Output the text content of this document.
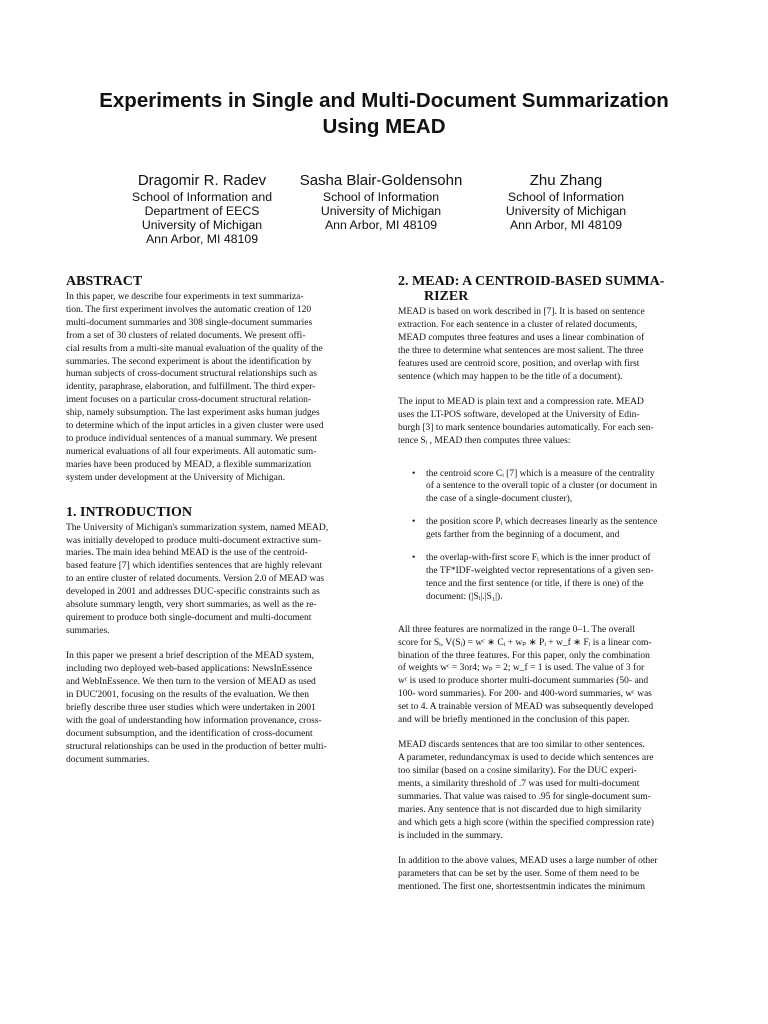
Experiments in Single and Multi-Document Summarization
Using MEAD
Dragomir R. Radev
School of Information and
Department of EECS
University of Michigan
Ann Arbor, MI 48109
Sasha Blair-Goldensohn
School of Information
University of Michigan
Ann Arbor, MI 48109
Zhu Zhang
School of Information
University of Michigan
Ann Arbor, MI 48109
ABSTRACT

In this paper, we describe four experiments in text summariza-
tion. The first experiment involves the automatic creation of 120
multi-document summaries and 308 single-document summaries
from a set of 30 clusters of related documents. We present offi-
cial results from a multi-site manual evaluation of the quality of the
summaries. The second experiment is about the identification by
human subjects of cross-document structural relationships such as
identity, paraphrase, elaboration, and fulfillment. The third exper-
iment focuses on a particular cross-document structural relation-
ship, namely subsumption. The last experiment asks human judges
to determine which of the input articles in a given cluster were used
to produce individual sentences of a manual summary. We present
numerical evaluations of all four experiments. All automatic sum-
maries have been produced by MEAD, a flexible summarization
system under development at the University of Michigan.

1. INTRODUCTION

The University of Michigan's summarization system, named MEAD,
was initially developed to produce multi-document extractive sum-
maries. The main idea behind MEAD is the use of the centroid-
based feature [7] which identifies sentences that are highly relevant
to an entire cluster of related documents. Version 2.0 of MEAD was
developed in 2001 and addresses DUC-specific constraints such as
absolute summary length, very short summaries, as well as the re-
quirement to produce both single-document and multi-document
summaries.

In this paper we present a brief description of the MEAD system,
including two deployed web-based applications: NewsInEssence
and WebInEssence. We then turn to the version of MEAD as used
in DUC'2001, focusing on the results of the evaluation. We then
briefly describe three user studies which were undertaken in 2001
with the goal of understanding how information provenance, cross-
document subsumption, and the identification of cross-document
structural relationships can be used in the production of better multi-
document summaries.

2. MEAD: A CENTROID-BASED SUMMA-
RIZER

MEAD is based on work described in [7]. It is based on sentence
extraction. For each sentence in a cluster of related documents,
MEAD computes three features and uses a linear combination of
the three to determine what sentences are most salient. The three
features used are centroid score, position, and overlap with first
sentence (which may happen to be the title of a document).

The input to MEAD is plain text and a compression rate. MEAD
uses the LT-POS software, developed at the University of Edin-
burgh [3] to mark sentence boundaries automatically. For each sen-
tence Sᵢ , MEAD then computes three values:

• the centroid score Cᵢ [7] which is a measure of the centrality
of a sentence to the overall topic of a cluster (or document in
the case of a single-document cluster),
• the position score Pᵢ which decreases linearly as the sentence
gets farther from the beginning of a document, and
• the overlap-with-first score Fᵢ which is the inner product of
the TF*IDF-weighted vector representations of a given sen-
tence and the first sentence (or title, if there is one) of the
document: (|Sᵢ|.|S₁|).

All three features are normalized in the range 0–1. The overall
score for Sᵢ, V(Sᵢ) = wᶜ ∗ Cᵢ + wₚ ∗ Pᵢ + w_f ∗ Fᵢ is a linear com-
bination of the three features. For this paper, only the combination
of weights wᶜ = 3or4; wₚ = 2; w_f = 1 is used. The value of 3 for
wᶜ is used to produce shorter multi-document summaries (50- and
100- word summaries). For 200- and 400-word summaries, wᶜ was
set to 4. A trainable version of MEAD was subsequently developed
and will be briefly mentioned in the conclusion of this paper.

MEAD discards sentences that are too similar to other sentences.
A parameter, redundancymax is used to decide which sentences are
too similar (based on a cosine similarity). For the DUC experi-
ments, a similarity threshold of .7 was used for multi-document
summaries. That value was raised to .95 for single-document sum-
maries. Any sentence that is not discarded due to high similarity
and which gets a high score (within the specified compression rate)
is included in the summary.

In addition to the above values, MEAD uses a large number of other
parameters that can be set by the user. Some of them need to be
mentioned. The first one, shortestsentmin indicates the minimum
